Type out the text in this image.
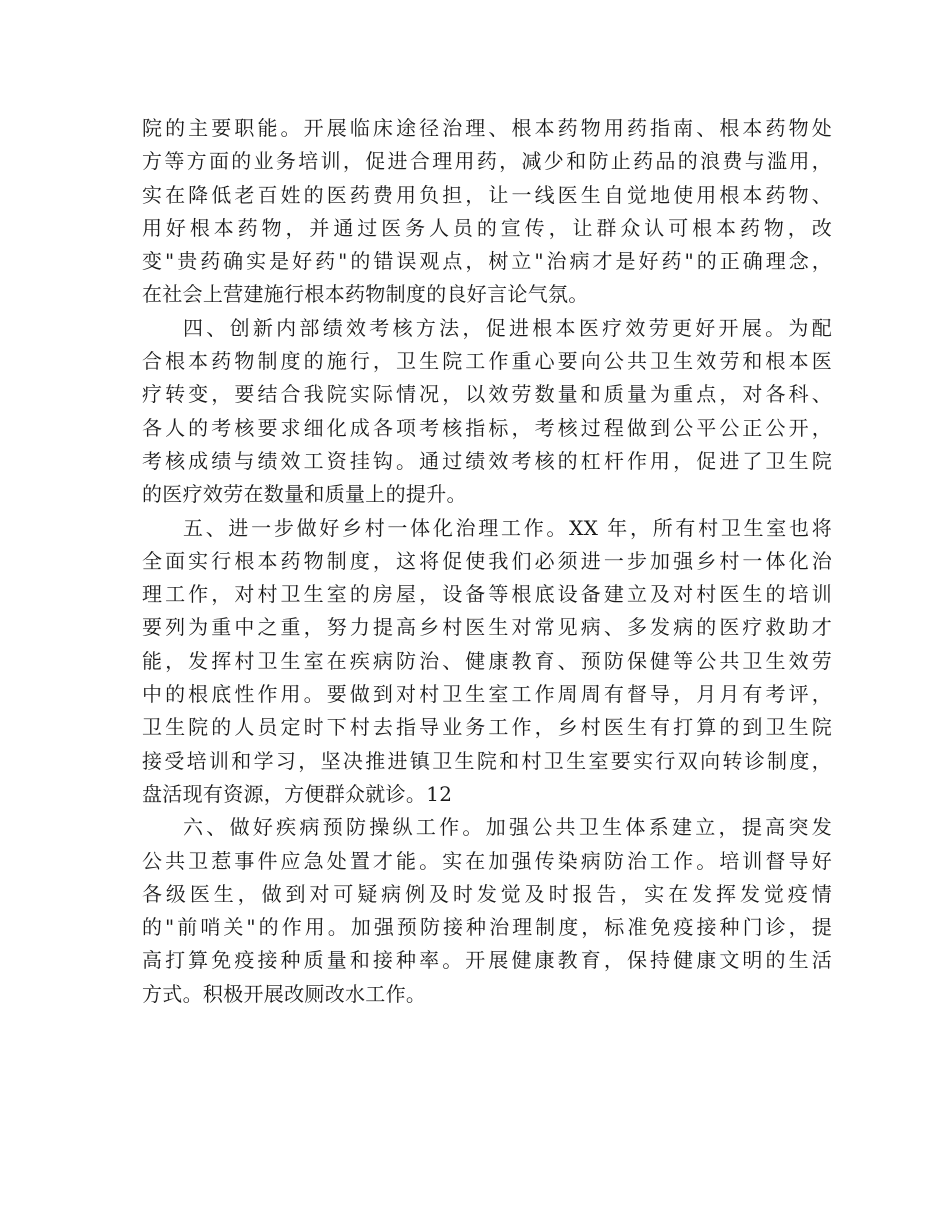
院的主要职能。开展临床途径治理、根本药物用药指南、根本药物处
方等方面的业务培训，促进合理用药，减少和防止药品的浪费与滥用，
实在降低老百姓的医药费用负担，让一线医生自觉地使用根本药物、
用好根本药物，并通过医务人员的宣传，让群众认可根本药物，改
变"贵药确实是好药"的错误观点，树立"治病才是好药"的正确理念，
在社会上营建施行根本药物制度的良好言论气氛。
四、创新内部绩效考核方法，促进根本医疗效劳更好开展。为配
合根本药物制度的施行，卫生院工作重心要向公共卫生效劳和根本医
疗转变，要结合我院实际情况，以效劳数量和质量为重点，对各科、
各人的考核要求细化成各项考核指标，考核过程做到公平公正公开，
考核成绩与绩效工资挂钩。通过绩效考核的杠杆作用，促进了卫生院
的医疗效劳在数量和质量上的提升。
五、进一步做好乡村一体化治理工作。XX 年，所有村卫生室也将
全面实行根本药物制度，这将促使我们必须进一步加强乡村一体化治
理工作，对村卫生室的房屋，设备等根底设备建立及对村医生的培训
要列为重中之重，努力提高乡村医生对常见病、多发病的医疗救助才
能，发挥村卫生室在疾病防治、健康教育、预防保健等公共卫生效劳
中的根底性作用。要做到对村卫生室工作周周有督导，月月有考评，
卫生院的人员定时下村去指导业务工作，乡村医生有打算的到卫生院
接受培训和学习，坚决推进镇卫生院和村卫生室要实行双向转诊制度，
盘活现有资源，方便群众就诊。12
六、做好疾病预防操纵工作。加强公共卫生体系建立，提高突发
公共卫惹事件应急处置才能。实在加强传染病防治工作。培训督导好
各级医生，做到对可疑病例及时发觉及时报告，实在发挥发觉疫情
的"前哨关"的作用。加强预防接种治理制度，标准免疫接种门诊，提
高打算免疫接种质量和接种率。开展健康教育，保持健康文明的生活
方式。积极开展改厕改水工作。
